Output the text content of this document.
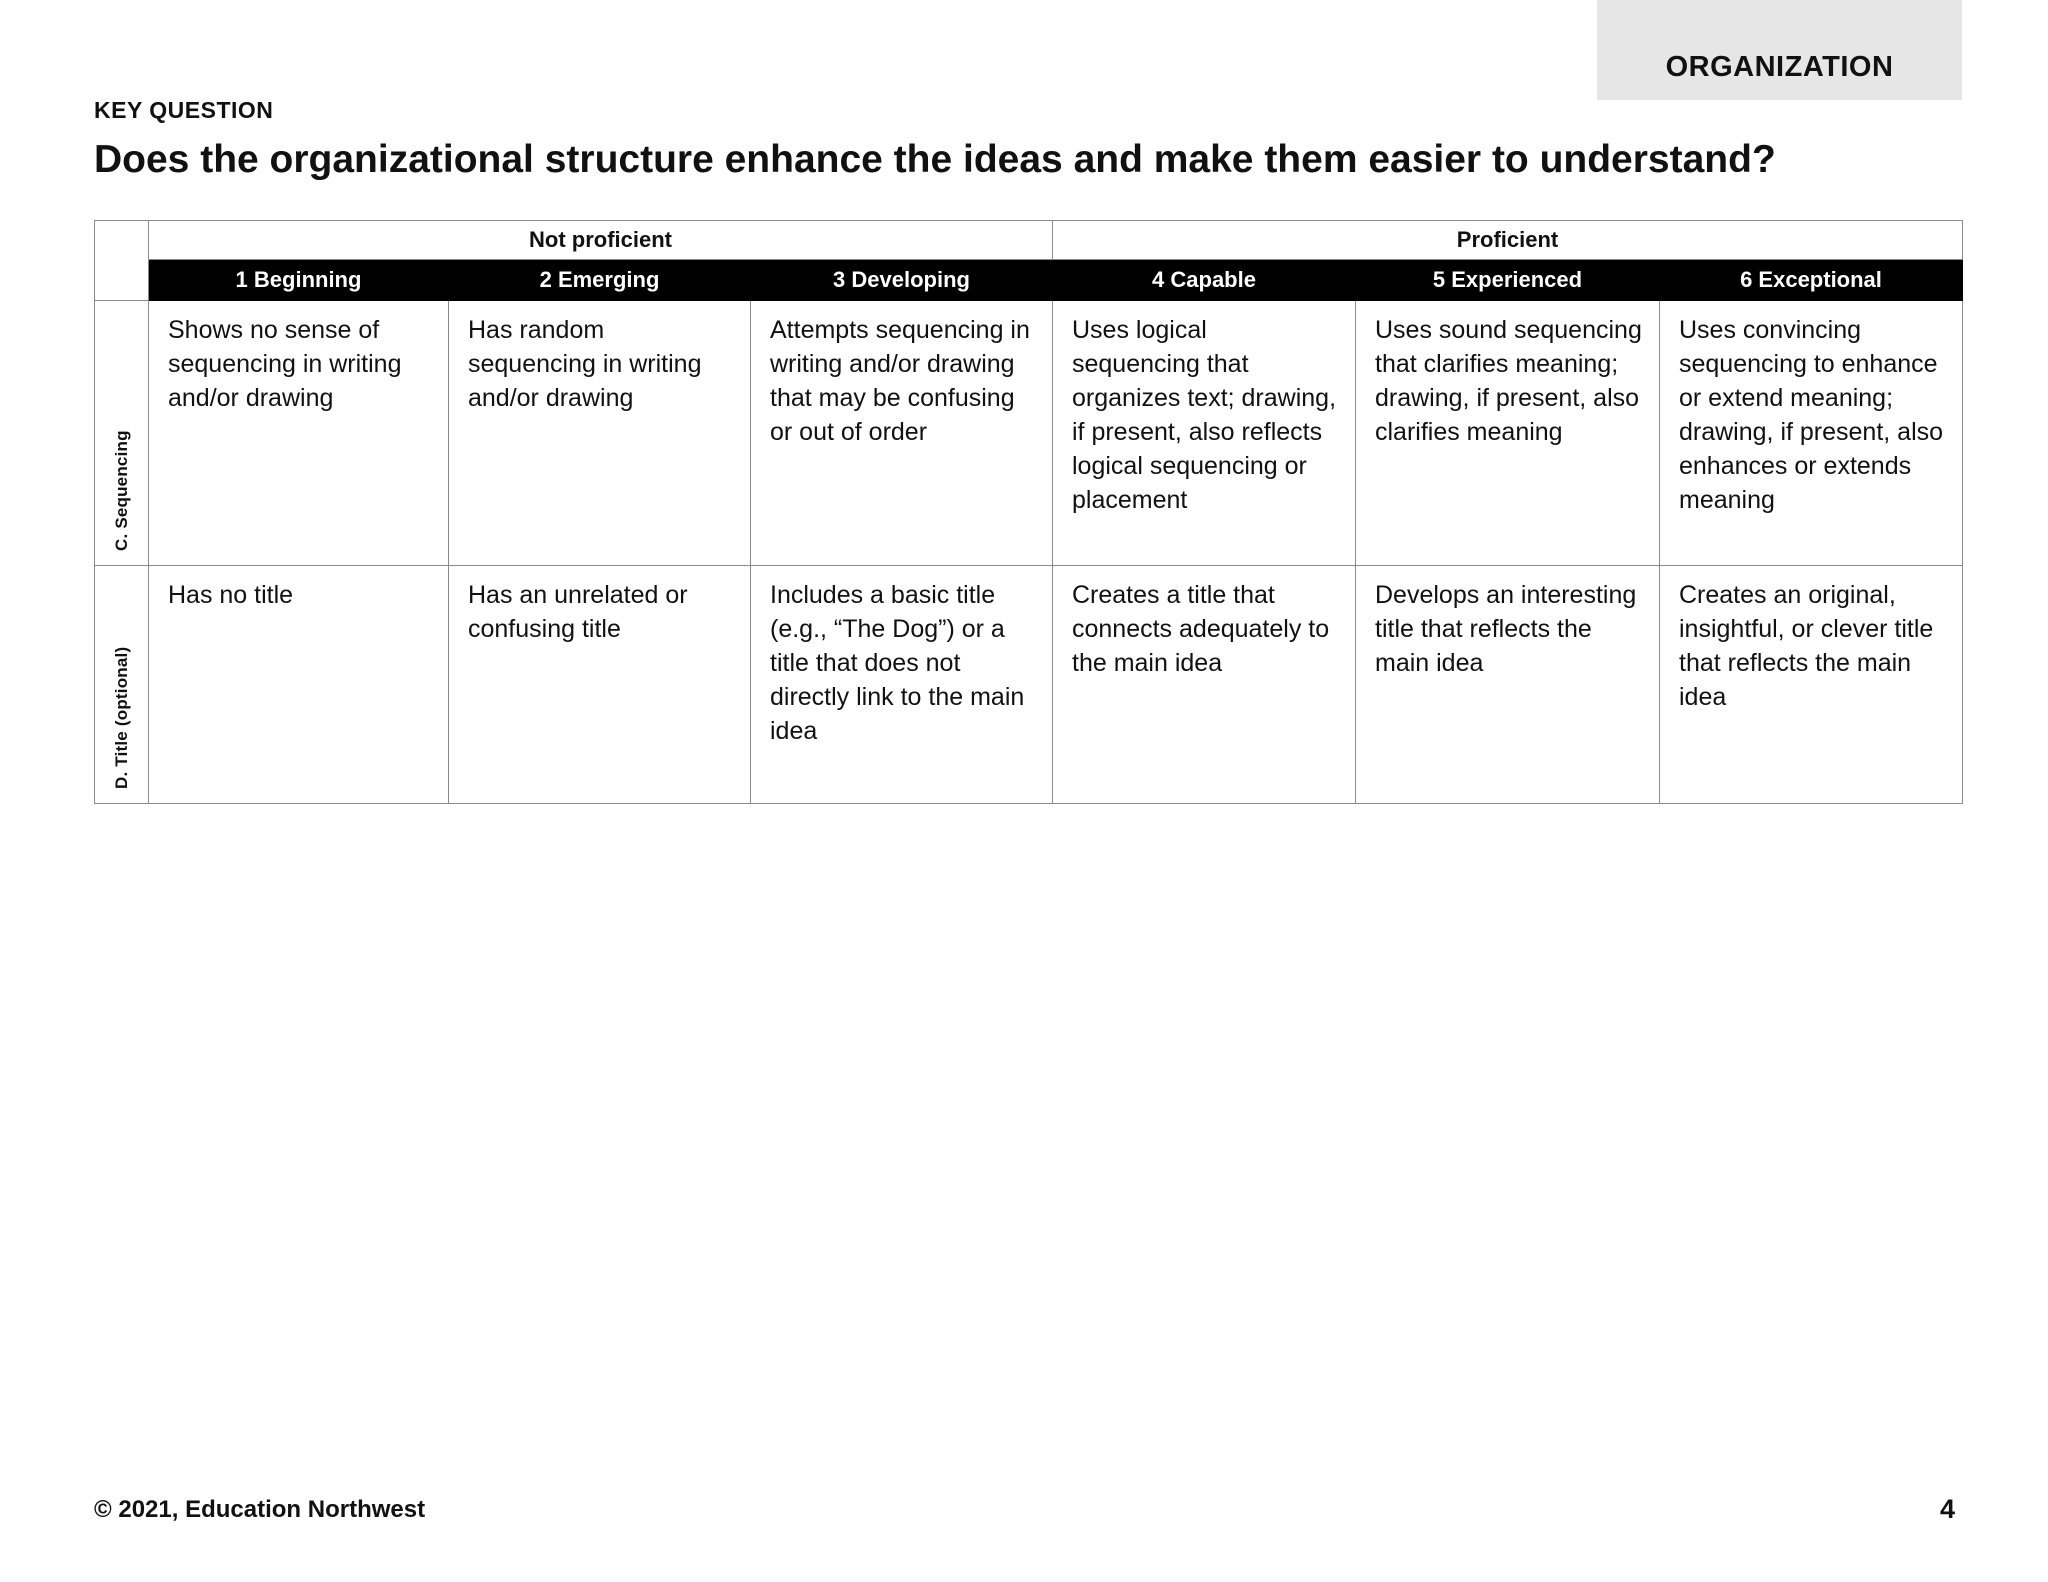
ORGANIZATION
KEY QUESTION
Does the organizational structure enhance the ideas and make them easier to understand?
	Not proficient			Proficient		
	1 Beginning	2 Emerging	3 Developing	4 Capable	5 Experienced	6 Exceptional

C. Sequencing	Shows no sense of sequencing in writing and/or drawing	Has random sequencing in writing and/or drawing	Attempts sequencing in writing and/or drawing that may be confusing or out of order	Uses logical sequencing that organizes text; drawing, if present, also reflects logical sequencing or placement	Uses sound sequencing that clarifies meaning; drawing, if present, also clarifies meaning	Uses convincing sequencing to enhance or extend meaning; drawing, if present, also enhances or extends meaning

D. Title (optional)	Has no title	Has an unrelated or confusing title	Includes a basic title (e.g., “The Dog”) or a title that does not directly link to the main idea	Creates a title that connects adequately to the main idea	Develops an interesting title that reflects the main idea	Creates an original, insightful, or clever title that reflects the main idea
© 2021, Education Northwest	4
